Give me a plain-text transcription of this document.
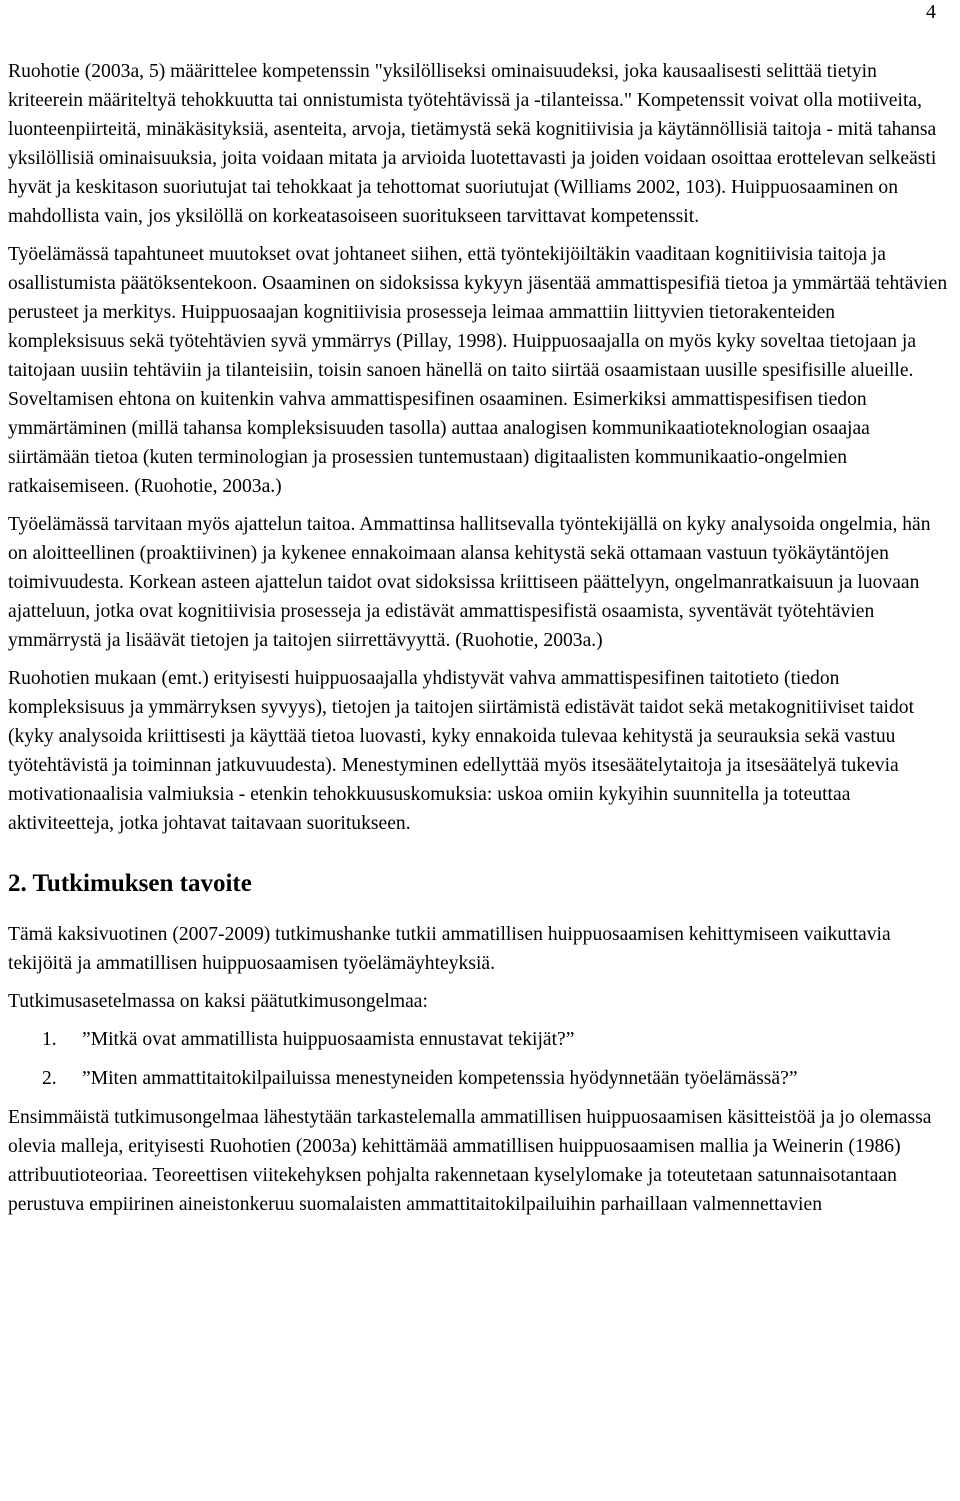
4

Ruohotie (2003a, 5) määrittelee kompetenssin "yksilölliseksi ominaisuudeksi, joka kausaalisesti selittää tietyin kriteerein määriteltyä tehokkuutta tai onnistumista työtehtävissä ja -tilanteissa." Kompetenssit voivat olla motiiveita, luonteenpiirteitä, minäkäsityksiä, asenteita, arvoja, tietämystä sekä kognitiivisia ja käytännöllisiä taitoja - mitä tahansa yksilöllisiä ominaisuuksia, joita voidaan mitata ja arvioida luotettavasti ja joiden voidaan osoittaa erottelevan selkeästi hyvät ja keskitason suoriutujat tai tehokkaat ja tehottomat suoriutujat (Williams 2002, 103). Huippuosaaminen on mahdollista vain, jos yksilöllä on korkeatasoiseen suoritukseen tarvittavat kompetenssit.

Työelämässä tapahtuneet muutokset ovat johtaneet siihen, että työntekijöiltäkin vaaditaan kognitiivisia taitoja ja osallistumista päätöksentekoon. Osaaminen on sidoksissa kykyyn jäsentää ammattispesifiä tietoa ja ymmärtää tehtävien perusteet ja merkitys. Huippuosaajan kognitiivisia prosesseja leimaa ammattiin liittyvien tietorakenteiden kompleksisuus sekä työtehtävien syvä ymmärrys (Pillay, 1998). Huippuosaajalla on myös kyky soveltaa tietojaan ja taitojaan uusiin tehtäviin ja tilanteisiin, toisin sanoen hänellä on taito siirtää osaamistaan uusille spesifisille alueille. Soveltamisen ehtona on kuitenkin vahva ammattispesifinen osaaminen. Esimerkiksi ammattispesifisen tiedon ymmärtäminen (millä tahansa kompleksisuuden tasolla) auttaa analogisen kommunikaatioteknologian osaajaa siirtämään tietoa (kuten terminologian ja prosessien tuntemustaan) digitaalisten kommunikaatio-ongelmien ratkaisemiseen. (Ruohotie, 2003a.)

Työelämässä tarvitaan myös ajattelun taitoa. Ammattinsa hallitsevalla työntekijällä on kyky analysoida ongelmia, hän on aloitteellinen (proaktiivinen) ja kykenee ennakoimaan alansa kehitystä sekä ottamaan vastuun työkäytäntöjen toimivuudesta. Korkean asteen ajattelun taidot ovat sidoksissa kriittiseen päättelyyn, ongelmanratkaisuun ja luovaan ajatteluun, jotka ovat kognitiivisia prosesseja ja edistävät ammattispesifistä osaamista, syventävät työtehtävien ymmärrystä ja lisäävät tietojen ja taitojen siirrettävyyttä. (Ruohotie, 2003a.)

Ruohotien mukaan (emt.) erityisesti huippuosaajalla yhdistyvät vahva ammattispesifinen taitotieto (tiedon kompleksisuus ja ymmärryksen syvyys), tietojen ja taitojen siirtämistä edistävät taidot sekä metakognitiiviset taidot (kyky analysoida kriittisesti ja käyttää tietoa luovasti, kyky ennakoida tulevaa kehitystä ja seurauksia sekä vastuu työtehtävistä ja toiminnan jatkuvuudesta). Menestyminen edellyttää myös itsesäätelytaitoja ja itsesäätelyä tukevia motivationaalisia valmiuksia - etenkin tehokkuususkomuksia: uskoa omiin kykyihin suunnitella ja toteuttaa aktiviteetteja, jotka johtavat taitavaan suoritukseen.

2. Tutkimuksen tavoite

Tämä kaksivuotinen (2007-2009) tutkimushanke tutkii ammatillisen huippuosaamisen kehittymiseen vaikuttavia tekijöitä ja ammatillisen huippuosaamisen työelämäyhteyksiä.

Tutkimusasetelmassa on kaksi päätutkimusongelmaa:

1. ”Mitkä ovat ammatillista huippuosaamista ennustavat tekijät?”
2. ”Miten ammattitaitokilpailuissa menestyneiden kompetenssia hyödynnetään työelämässä?”

Ensimmäistä tutkimusongelmaa lähestytään tarkastelemalla ammatillisen huippuosaamisen käsitteistöä ja jo olemassa olevia malleja, erityisesti Ruohotien (2003a) kehittämää ammatillisen huippuosaamisen mallia ja Weinerin (1986) attribuutioteoriaa. Teoreettisen viitekehyksen pohjalta rakennetaan kyselylomake ja toteutetaan satunnaisotantaan perustuva empiirinen aineistonkeruu suomalaisten ammattitaitokilpailuihin parhaillaan valmennettavien
